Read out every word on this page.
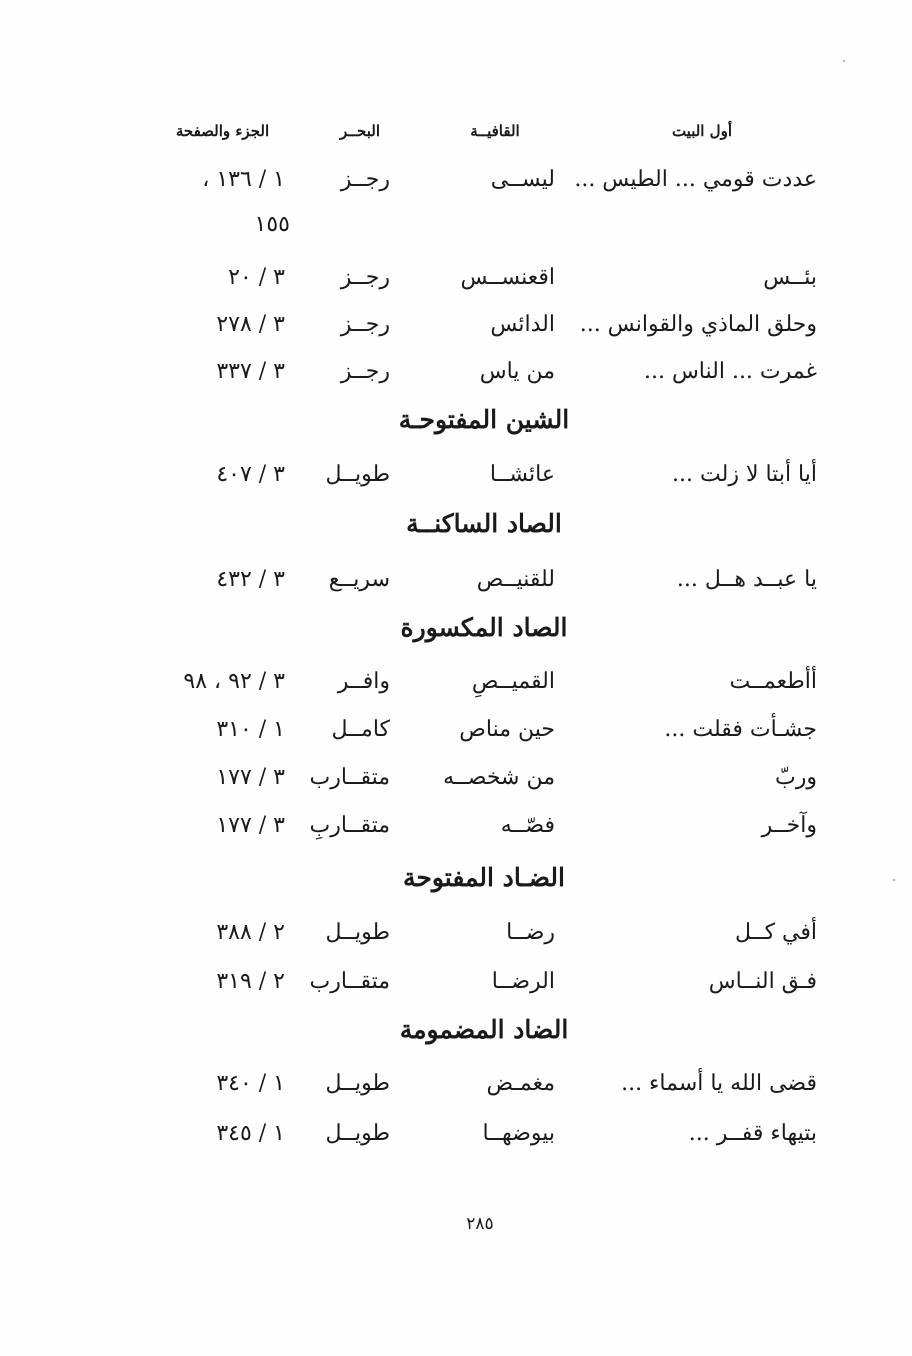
أول البيت
القافيــة
البحــر
الجزء والصفحة
عددت قومي ... الطيس ...
ليســى
رجــز
١ / ١٣٦ ،
١٥٥
بئــس
اقعنســس
رجــز
٣ / ٢٠
وحلق الماذي والقوانس ...
الدائس
رجــز
٣ / ٢٧٨
غمرت ... الناس ...
من ياس
رجــز
٣ / ٣٣٧
الشين المفتوحـة
أيا أبتا لا زلت ...
عائشــا
طويــل
٣ / ٤٠٧
الصاد الساكنــة
يا عبــد هــل ...
للقنيــص
سريــع
٣ / ٤٣٢
الصاد المكسورة
أأطعمــت
القميــصِ
وافــر
٣ / ٩٢ ، ٩٨
جشـأت فقلت ...
حين مناص
كامــل
١ / ٣١٠
وربّ
من شخصــه
متقــارب
٣ / ١٧٧
وآخــر
فصّــه
متقــاربِ
٣ / ١٧٧
الضـاد المفتوحة
أفي كــل
رضــا
طويــل
٢ / ٣٨٨
فـق النــاس
الرضــا
متقــارب
٢ / ٣١٩
الضاد المضمومة
قضى الله يا أسماء ...
مغمـض
طويــل
١ / ٣٤٠
بتيهاء قفــر ...
بيوضهــا
طويــل
١ / ٣٤٥
٢٨٥
